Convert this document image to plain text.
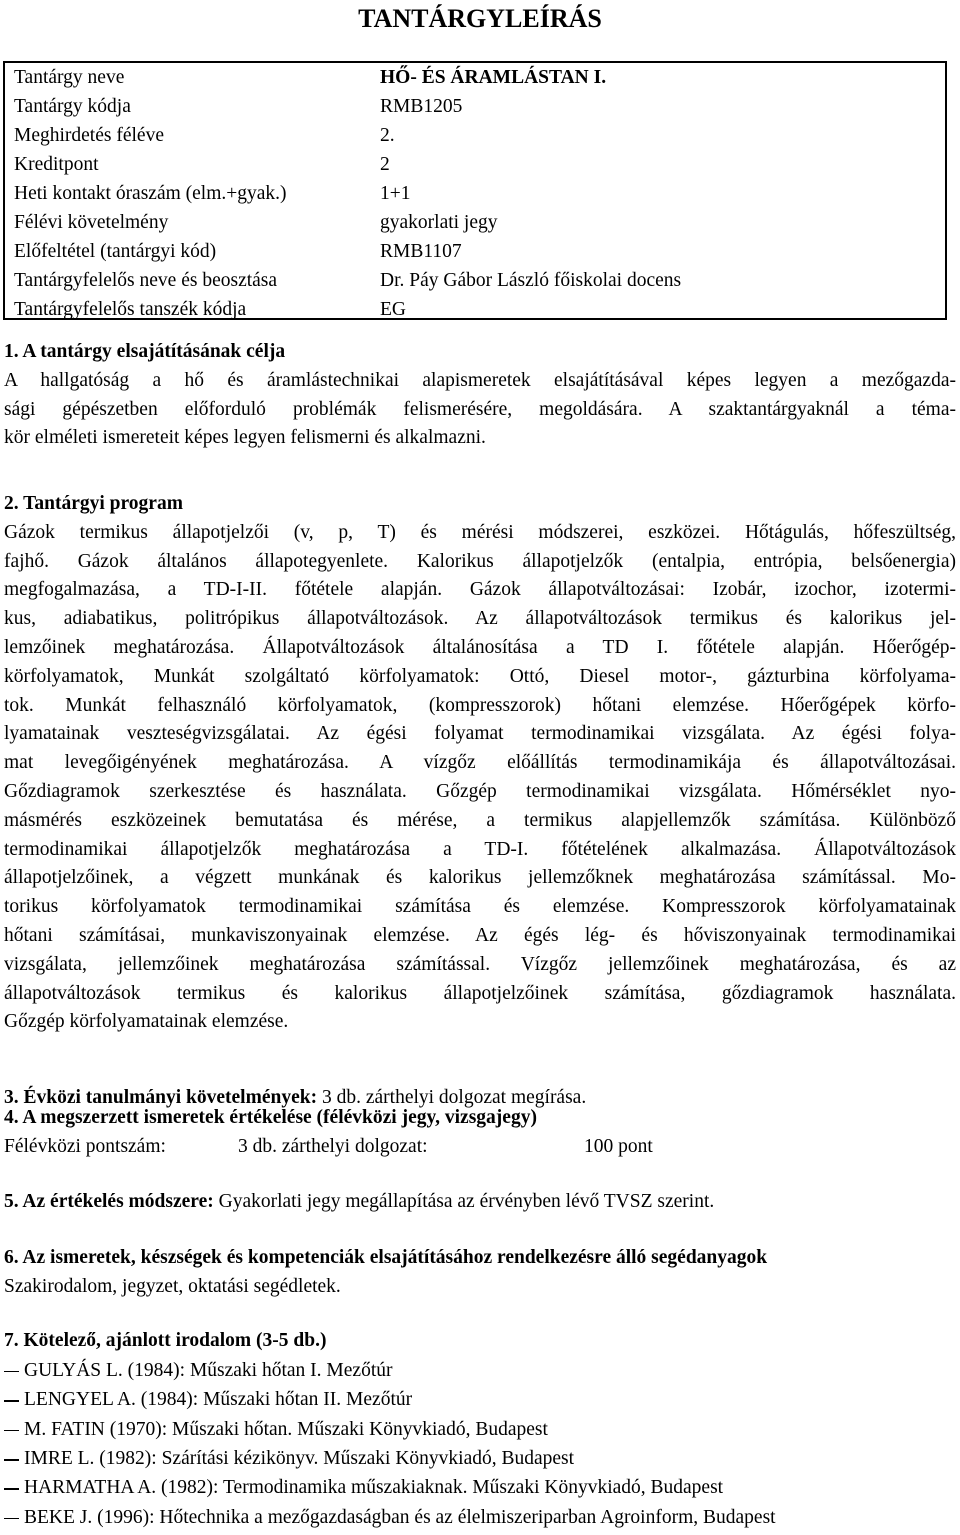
TANTÁRGYLEÍRÁS
Tantárgy neve	HŐ- ÉS ÁRAMLÁSTAN I.
Tantárgy kódja	RMB1205
Meghirdetés féléve	2.
Kreditpont	2
Heti kontakt óraszám (elm.+gyak.)	1+1
Félévi követelmény	gyakorlati jegy
Előfeltétel (tantárgyi kód)	RMB1107
Tantárgyfelelős neve és beosztása	Dr. Páy Gábor László főiskolai docens
Tantárgyfelelős tanszék kódja	EG
1. A tantárgy elsajátításának célja
A hallgatóság a hő és áramlástechnikai alapismeretek elsajátításával képes legyen a mezőgazda-
sági gépészetben előforduló problémák felismerésére, megoldására. A szaktantárgyaknál a téma-
kör elméleti ismereteit képes legyen felismerni és alkalmazni.
2. Tantárgyi program
Gázok termikus állapotjelzői (v, p, T) és mérési módszerei, eszközei. Hőtágulás, hőfeszültség,
fajhő. Gázok általános állapotegyenlete. Kalorikus állapotjelzők (entalpia, entrópia, belsőenergia)
megfogalmazása, a TD-I-II. főtétele alapján. Gázok állapotváltozásai: Izobár, izochor, izotermi-
kus, adiabatikus, politrópikus állapotváltozások. Az állapotváltozások termikus és kalorikus jel-
lemzőinek meghatározása. Állapotváltozások általánosítása a TD I. főtétele alapján. Hőerőgép-
körfolyamatok, Munkát szolgáltató körfolyamatok: Ottó, Diesel motor-, gázturbina körfolyama-
tok. Munkát felhasználó körfolyamatok, (kompresszorok) hőtani elemzése. Hőerőgépek körfo-
lyamatainak veszteségvizsgálatai. Az égési folyamat termodinamikai vizsgálata. Az égési folya-
mat levegőigényének meghatározása. A vízgőz előállítás termodinamikája és állapotváltozásai.
Gőzdiagramok szerkesztése és használata. Gőzgép termodinamikai vizsgálata. Hőmérséklet nyo-
másmérés eszközeinek bemutatása és mérése, a termikus alapjellemzők számítása. Különböző
termodinamikai állapotjelzők meghatározása a TD-I. főtételének alkalmazása. Állapotváltozások
állapotjelzőinek, a végzett munkának és kalorikus jellemzőknek meghatározása számítással. Mo-
torikus körfolyamatok termodinamikai számítása és elemzése. Kompresszorok körfolyamatainak
hőtani számításai, munkaviszonyainak elemzése. Az égés lég- és hőviszonyainak termodinamikai
vizsgálata, jellemzőinek meghatározása számítással. Vízgőz jellemzőinek meghatározása, és az
állapotváltozások termikus és kalorikus állapotjelzőinek számítása, gőzdiagramok használata.
Gőzgép körfolyamatainak elemzése.
3. Évközi tanulmányi követelmények: 3 db. zárthelyi dolgozat megírása.
4. A megszerzett ismeretek értékelése (félévközi jegy, vizsgajegy)
Félévközi pontszám:	3 db. zárthelyi dolgozat:	100 pont
5. Az értékelés módszere: Gyakorlati jegy megállapítása az érvényben lévő TVSZ szerint.
6. Az ismeretek, készségek és kompetenciák elsajátításához rendelkezésre álló segédanyagok
Szakirodalom, jegyzet, oktatási segédletek.
7. Kötelező, ajánlott irodalom (3-5 db.)
GULYÁS L. (1984): Műszaki hőtan I. Mezőtúr
LENGYEL A. (1984): Műszaki hőtan II. Mezőtúr
M. FATIN (1970): Műszaki hőtan. Műszaki Könyvkiadó, Budapest
IMRE L. (1982): Szárítási kézikönyv. Műszaki Könyvkiadó, Budapest
HARMATHA A. (1982): Termodinamika műszakiaknak. Műszaki Könyvkiadó, Budapest
BEKE J. (1996): Hőtechnika a mezőgazdaságban és az élelmiszeriparban Agroinform, Budapest
